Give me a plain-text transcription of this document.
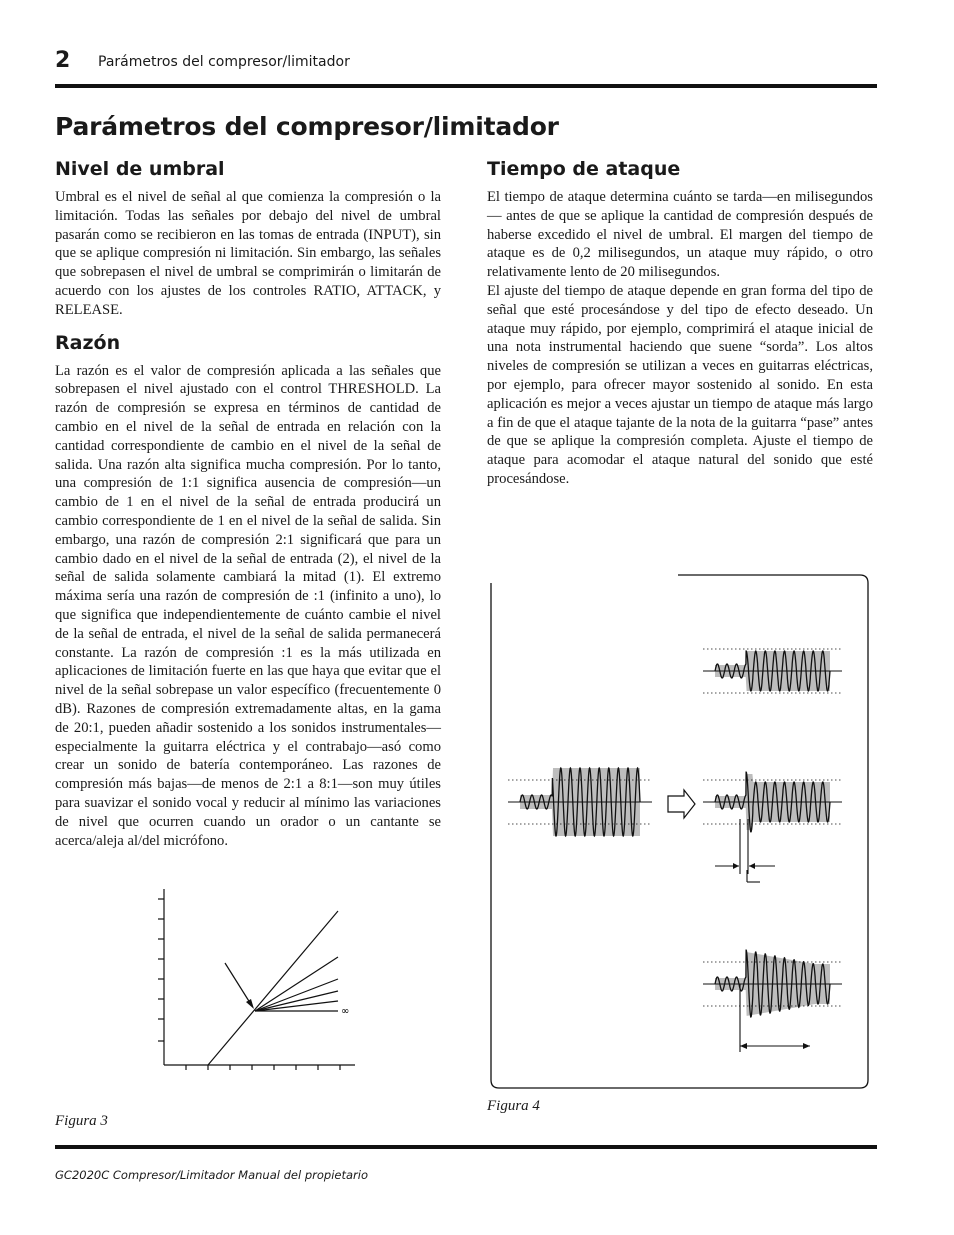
2 Parámetros del compresor/limitador
Parámetros del compresor/limitador
Nivel de umbral

Umbral es el nivel de señal al que comienza la compresión o la limitación. Todas las señales por debajo del nivel de umbral pasarán como se recibieron en las tomas de entrada (INPUT), sin que se aplique compresión ni limitación. Sin embargo, las señales que sobrepasen el nivel de umbral se comprimirán o limitarán de acuerdo con los ajustes de los controles RATIO, ATTACK, y RELEASE.

Razón

La razón es el valor de compresión aplicada a las señales que sobrepasen el nivel ajustado con el control THRESHOLD. La razón de compresión se expresa en términos de cantidad de cambio en el nivel de la señal de entrada en relación con la cantidad correspondiente de cambio en el nivel de la señal de salida. Una razón alta significa mucha compresión. Por lo tanto, una compresión de 1:1 significa ausencia de compresión—un cambio de 1 en el nivel de la señal de entrada producirá un cambio correspondiente de 1 en el nivel de la señal de salida. Sin embargo, una razón de compresión 2:1 significará que para un cambio dado en el nivel de la señal de entrada (2), el nivel de la señal de salida solamente cambiará la mitad (1). El extremo máxima sería una razón de compresión de :1 (infinito a uno), lo que significa que independientemente de cuánto cambie el nivel de la señal de entrada, el nivel de la señal de salida permanecerá constante. La razón de compresión :1 es la más utilizada en aplicaciones de limitación fuerte en las que haya que evitar que el nivel de la señal sobrepase un valor específico (frecuentemente 0 dB). Razones de compresión extremadamente altas, en la gama de 20:1, pueden añadir sostenido a los sonidos instrumentales—especialmente la guitarra eléctrica y el contrabajo—asó como crear un sonido de batería contemporáneo. Las razones de compresión más bajas—de menos de 2:1 a 8:1—son muy útiles para suavizar el sonido vocal y reducir al mínimo las variaciones de nivel que ocurren cuando un orador o un cantante se acerca/aleja al/del micrófono.

Tiempo de ataque

El tiempo de ataque determina cuánto se tarda—en milisegundos — antes de que se aplique la cantidad de compresión después de haberse excedido el nivel de umbral. El margen del tiempo de ataque es de 0,2 milisegundos, un ataque muy rápido, o otro relativamente lento de 20 milisegundos.

El ajuste del tiempo de ataque depende en gran forma del tipo de señal que esté procesándose y del tipo de efecto deseado. Un ataque muy rápido, por ejemplo, comprimirá el ataque inicial de una nota instrumental haciendo que suene “sorda”. Los altos niveles de compresión se utilizan a veces en guitarras eléctricas, por ejemplo, para ofrecer mayor sostenido al sonido. En esta aplicación es mejor a veces ajustar un tiempo de ataque más largo a fin de que el ataque tajante de la nota de la guitarra “pase” antes de que se aplique la compresión completa. Ajuste el tiempo de ataque para acomodar el ataque natural del sonido que esté procesándose.

∞
Figura 3
Figura 4
GC2020C Compresor/Limitador Manual del propietario
